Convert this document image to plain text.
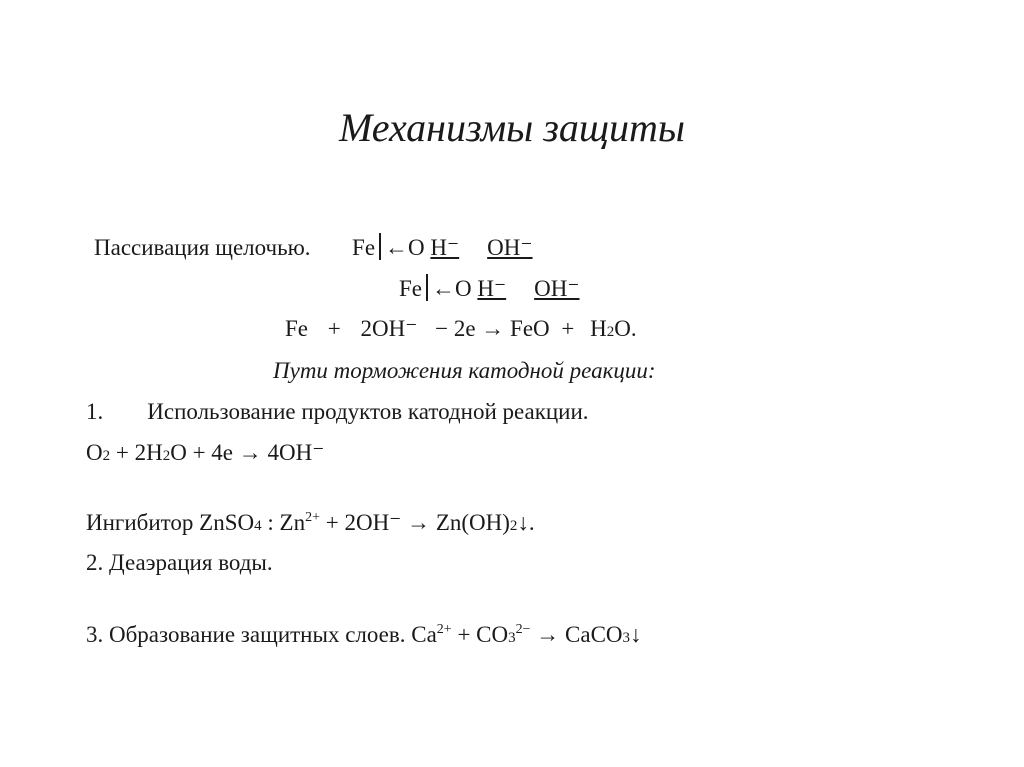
Механизмы защиты
Пассивация щелочью. Fe ←O H⁻ OH⁻
Fe ←O H⁻ OH⁻
Fe + 2OH⁻ − 2e → FeO + H2O.
Пути торможения катодной реакции:
1. Использование продуктов катодной реакции.
O2 + 2H2O + 4e → 4OH⁻
Ингибитор ZnSO4 : $Zn^{2+} + 2OH^-$ → Zn(OH)2↓.
2. Деаэрация воды.
3. Образование защитных слоев. $Ca^{2+} + CO3^{2-}$ → CaCO3↓
